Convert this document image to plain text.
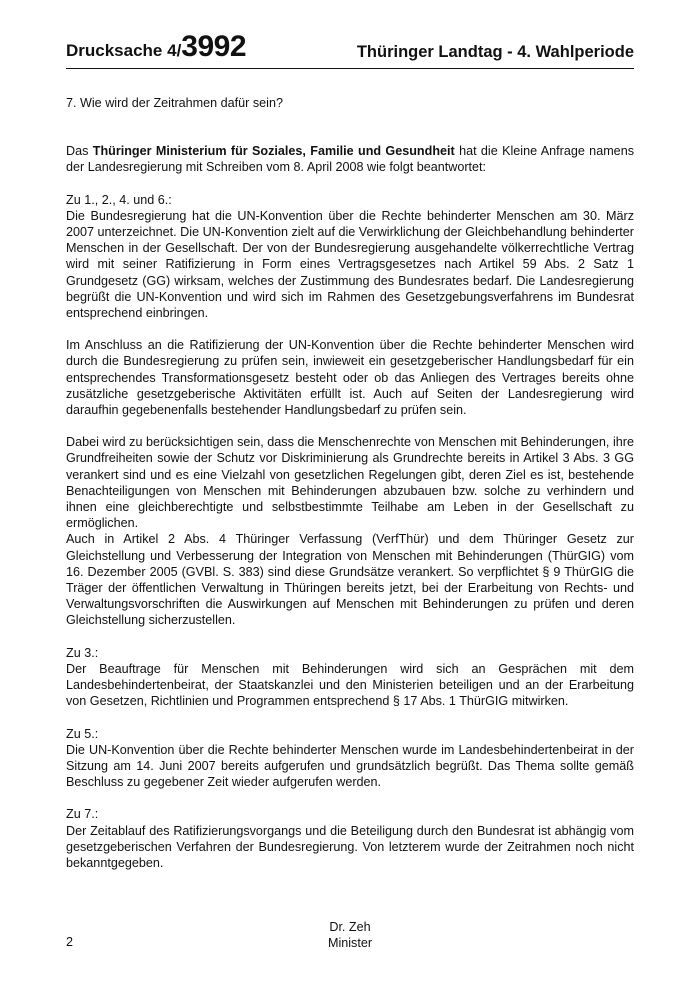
Drucksache 4/3992	Thüringer Landtag - 4. Wahlperiode

7. Wie wird der Zeitrahmen dafür sein?

Das Thüringer Ministerium für Soziales, Familie und Gesundheit hat die Kleine Anfrage namens der Landesregierung mit Schreiben vom 8. April 2008 wie folgt beantwortet:

Zu 1., 2., 4. und 6.:

Die Bundesregierung hat die UN-Konvention über die Rechte behinderter Menschen am 30. März 2007 unterzeichnet. Die UN-Konvention zielt auf die Verwirklichung der Gleichbehandlung behinderter Menschen in der Gesellschaft. Der von der Bundesregierung ausgehandelte völkerrechtliche Vertrag wird mit seiner Ratifizierung in Form eines Vertragsgesetzes nach Artikel 59 Abs. 2 Satz 1 Grundgesetz (GG) wirksam, welches der Zustimmung des Bundesrates bedarf. Die Landesregierung begrüßt die UN-Konvention und wird sich im Rahmen des Gesetzgebungsverfahrens im Bundesrat entsprechend einbringen.

Im Anschluss an die Ratifizierung der UN-Konvention über die Rechte behinderter Menschen wird durch die Bundesregierung zu prüfen sein, inwieweit ein gesetzgeberischer Handlungsbedarf für ein entsprechendes Transformationsgesetz besteht oder ob das Anliegen des Vertrages bereits ohne zusätzliche gesetzgeberische Aktivitäten erfüllt ist. Auch auf Seiten der Landesregierung wird daraufhin gegebenenfalls bestehender Handlungsbedarf zu prüfen sein.

Dabei wird zu berücksichtigen sein, dass die Menschenrechte von Menschen mit Behinderungen, ihre Grundfreiheiten sowie der Schutz vor Diskriminierung als Grundrechte bereits in Artikel 3 Abs. 3 GG verankert sind und es eine Vielzahl von gesetzlichen Regelungen gibt, deren Ziel es ist, bestehende Benachteiligungen von Menschen mit Behinderungen abzubauen bzw. solche zu verhindern und ihnen eine gleichberechtigte und selbstbestimmte Teilhabe am Leben in der Gesellschaft zu ermöglichen.

Auch in Artikel 2 Abs. 4 Thüringer Verfassung (VerfThür) und dem Thüringer Gesetz zur Gleichstellung und Verbesserung der Integration von Menschen mit Behinderungen (ThürGIG) vom 16. Dezember 2005 (GVBl. S. 383) sind diese Grundsätze verankert. So verpflichtet § 9 ThürGIG die Träger der öffentlichen Verwaltung in Thüringen bereits jetzt, bei der Erarbeitung von Rechts- und Verwaltungsvorschriften die Auswirkungen auf Menschen mit Behinderungen zu prüfen und deren Gleichstellung sicherzustellen.

Zu 3.:

Der Beauftrage für Menschen mit Behinderungen wird sich an Gesprächen mit dem Landesbehindertenbeirat, der Staatskanzlei und den Ministerien beteiligen und an der Erarbeitung von Gesetzen, Richtlinien und Programmen entsprechend § 17 Abs. 1 ThürGIG mitwirken.

Zu 5.:

Die UN-Konvention über die Rechte behinderter Menschen wurde im Landesbehindertenbeirat in der Sitzung am 14. Juni 2007 bereits aufgerufen und grundsätzlich begrüßt. Das Thema sollte gemäß Beschluss zu gegebener Zeit wieder aufgerufen werden.

Zu 7.:

Der Zeitablauf des Ratifizierungsvorgangs und die Beteiligung durch den Bundesrat ist abhängig vom gesetzgeberischen Verfahren der Bundesregierung. Von letzterem wurde der Zeitrahmen noch nicht bekanntgegeben.

Dr. Zeh

Minister

2
